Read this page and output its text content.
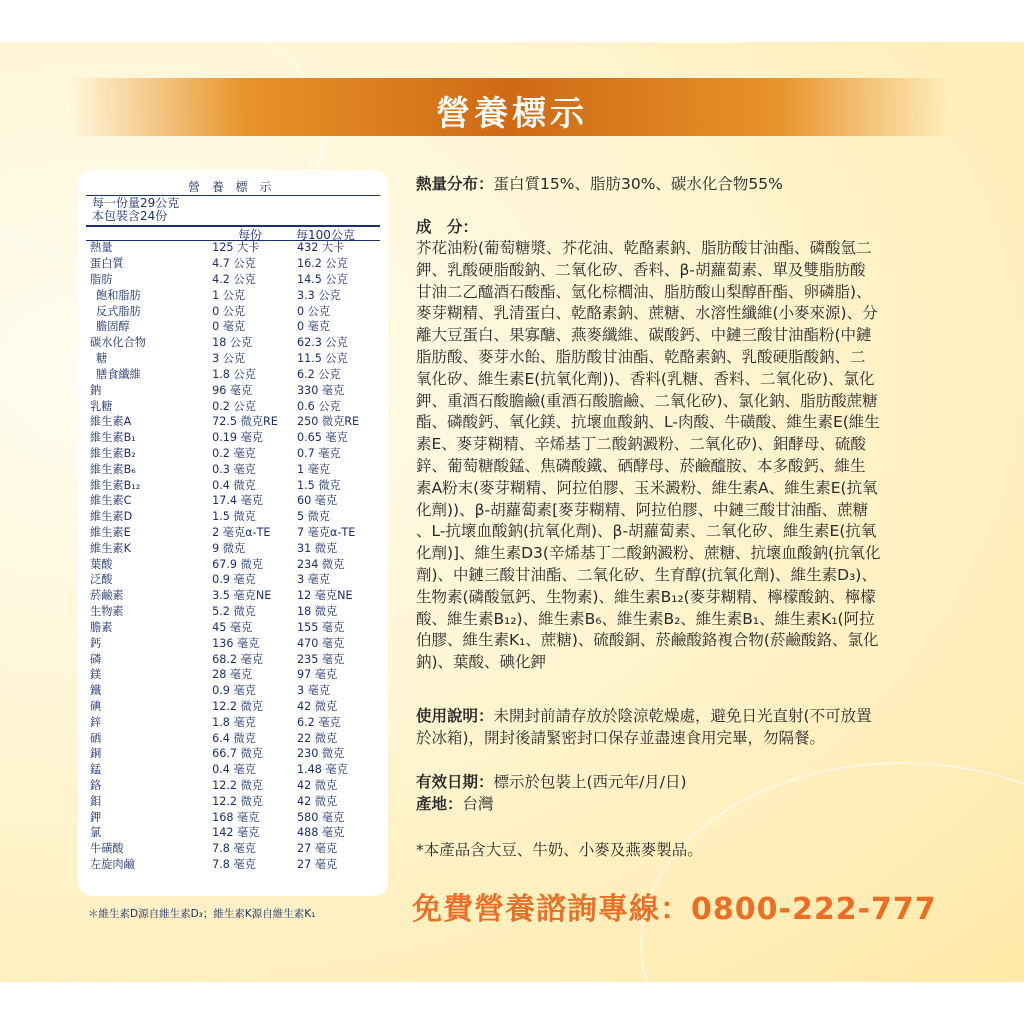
營養標示
營 養 標 示
每一份量29公克
本包裝含24份
每份	每100公克
熱量	125 大卡	432 大卡
蛋白質	4.7 公克	16.2 公克
脂肪	4.2 公克	14.5 公克
飽和脂肪	1 公克	3.3 公克
反式脂肪	0 公克	0 公克
膽固醇	0 毫克	0 毫克
碳水化合物	18 公克	62.3 公克
糖	3 公克	11.5 公克
膳食纖維	1.8 公克	6.2 公克
鈉	96 毫克	330 毫克
乳糖	0.2 公克	0.6 公克
維生素A	72.5 微克RE	250 微克RE
維生素B₁	0.19 毫克	0.65 毫克
維生素B₂	0.2 毫克	0.7 毫克
維生素B₆	0.3 毫克	1 毫克
維生素B₁₂	0.4 微克	1.5 微克
維生素C	17.4 毫克	60 毫克
維生素D	1.5 微克	5 微克
維生素E	2 毫克α-TE	7 毫克α-TE
維生素K	9 微克	31 微克
葉酸	67.9 微克	234 微克
泛酸	0.9 毫克	3 毫克
菸鹼素	3.5 毫克NE	12 毫克NE
生物素	5.2 微克	18 微克
膽素	45 毫克	155 毫克
鈣	136 毫克	470 毫克
磷	68.2 毫克	235 毫克
鎂	28 毫克	97 毫克
鐵	0.9 毫克	3 毫克
碘	12.2 微克	42 微克
鋅	1.8 毫克	6.2 毫克
硒	6.4 微克	22 微克
銅	66.7 微克	230 微克
錳	0.4 毫克	1.48 毫克
鉻	12.2 微克	42 微克
鉬	12.2 微克	42 微克
鉀	168 毫克	580 毫克
氯	142 毫克	488 毫克
牛磺酸	7.8 毫克	27 毫克
左旋肉鹼	7.8 毫克	27 毫克
＊維生素D源自維生素D₃；維生素K源自維生素K₁
熱量分布：蛋白質15%、脂肪30%、碳水化合物55%
成　分：
芥花油粉(葡萄糖漿、芥花油、乾酪素鈉、脂肪酸甘油酯、磷酸氫二
鉀、乳酸硬脂酸鈉、二氧化矽、香料、β-胡蘿蔔素、單及雙脂肪酸
甘油二乙醯酒石酸酯、氫化棕櫚油、脂肪酸山梨醇酐酯、卵磷脂)、
麥芽糊精、乳清蛋白、乾酪素鈉、蔗糖、水溶性纖維(小麥來源)、分
離大豆蛋白、果寡醣、燕麥纖維、碳酸鈣、中鏈三酸甘油酯粉(中鏈
脂肪酸、麥芽水飴、脂肪酸甘油酯、乾酪素鈉、乳酸硬脂酸鈉、二
氧化矽、維生素E(抗氧化劑))、香料(乳糖、香料、二氧化矽)、氯化
鉀、重酒石酸膽鹼(重酒石酸膽鹼、二氧化矽)、氯化鈉、脂肪酸蔗糖
酯、磷酸鈣、氧化鎂、抗壞血酸鈉、L-肉酸、牛磺酸、維生素E(維生
素E、麥芽糊精、辛烯基丁二酸鈉澱粉、二氧化矽)、鉬酵母、硫酸
鋅、葡萄糖酸錳、焦磷酸鐵、硒酵母、菸鹼醯胺、本多酸鈣、維生
素A粉末(麥芽糊精、阿拉伯膠、玉米澱粉、維生素A、維生素E(抗氧
化劑))、β-胡蘿蔔素[麥芽糊精、阿拉伯膠、中鏈三酸甘油酯、蔗糖
、L-抗壞血酸鈉(抗氧化劑)、β-胡蘿蔔素、二氧化矽、維生素E(抗氧
化劑)]、維生素D3(辛烯基丁二酸鈉澱粉、蔗糖、抗壞血酸鈉(抗氧化
劑)、中鏈三酸甘油酯、二氧化矽、生育醇(抗氧化劑)、維生素D₃)、
生物素(磷酸氫鈣、生物素)、維生素B₁₂(麥芽糊精、檸檬酸鈉、檸檬
酸、維生素B₁₂)、維生素B₆、維生素B₂、維生素B₁、維生素K₁(阿拉
伯膠、維生素K₁、蔗糖)、硫酸銅、菸鹼酸鉻複合物(菸鹼酸鉻、氯化
鈉)、葉酸、碘化鉀
使用說明：未開封前請存放於陰涼乾燥處，避免日光直射(不可放置
於冰箱)，開封後請緊密封口保存並盡速食用完畢，勿隔餐。
有效日期：標示於包裝上(西元年/月/日)
產地：台灣
*本產品含大豆、牛奶、小麥及燕麥製品。
免費營養諮詢專線：0800-222-777
